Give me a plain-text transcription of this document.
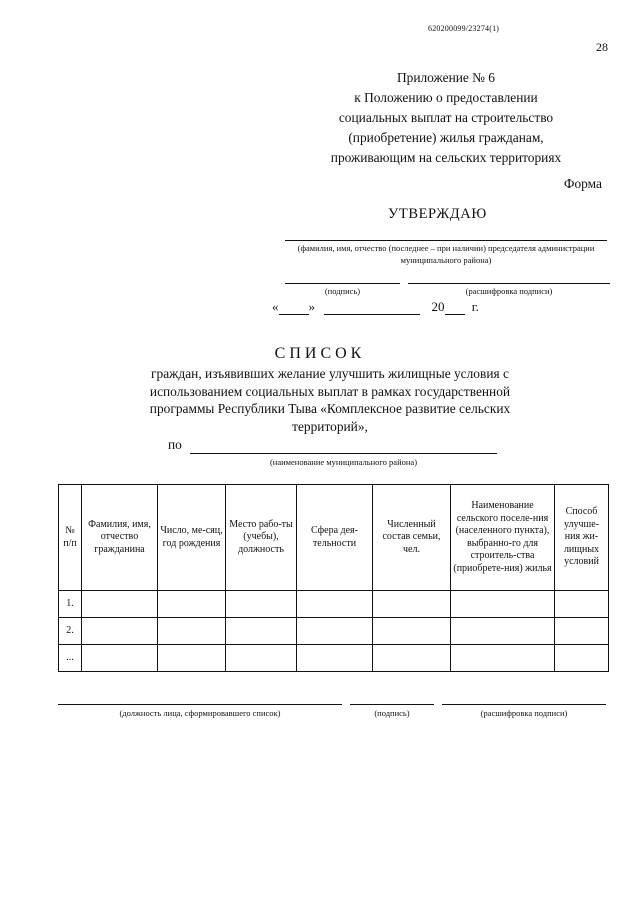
620200099/23274(1)
28
Приложение № 6
к Положению о предоставлении
социальных выплат на строительство
(приобретение) жилья гражданам,
проживающим на сельских территориях
Форма
УТВЕРЖДАЮ
(фамилия, имя, отчество (последнее – при наличии) председателя администрации муниципального района)
(подпись)	(расшифровка подписи)
« »	20 г.
СПИСОК
граждан, изъявивших желание улучшить жилищные условия с использованием социальных выплат в рамках государственной программы Республики Тыва «Комплексное развитие сельских территорий»,
по
(наименование муниципального района)
№ п/п	Фамилия, имя, отчество гражданина	Число, ме-сяц, год рождения	Место рабо-ты (учебы), должность	Сфера дея-тельности	Численный состав семьи, чел.	Наименование сельского поселе-ния (населенного пункта), выбранно-го для строитель-ства (приобрете-ния) жилья	Способ улучше-ния жи-лищных условий
1.							
2.							
...							
(должность лица, сформировавшего список)	(подпись)	(расшифровка подписи)
